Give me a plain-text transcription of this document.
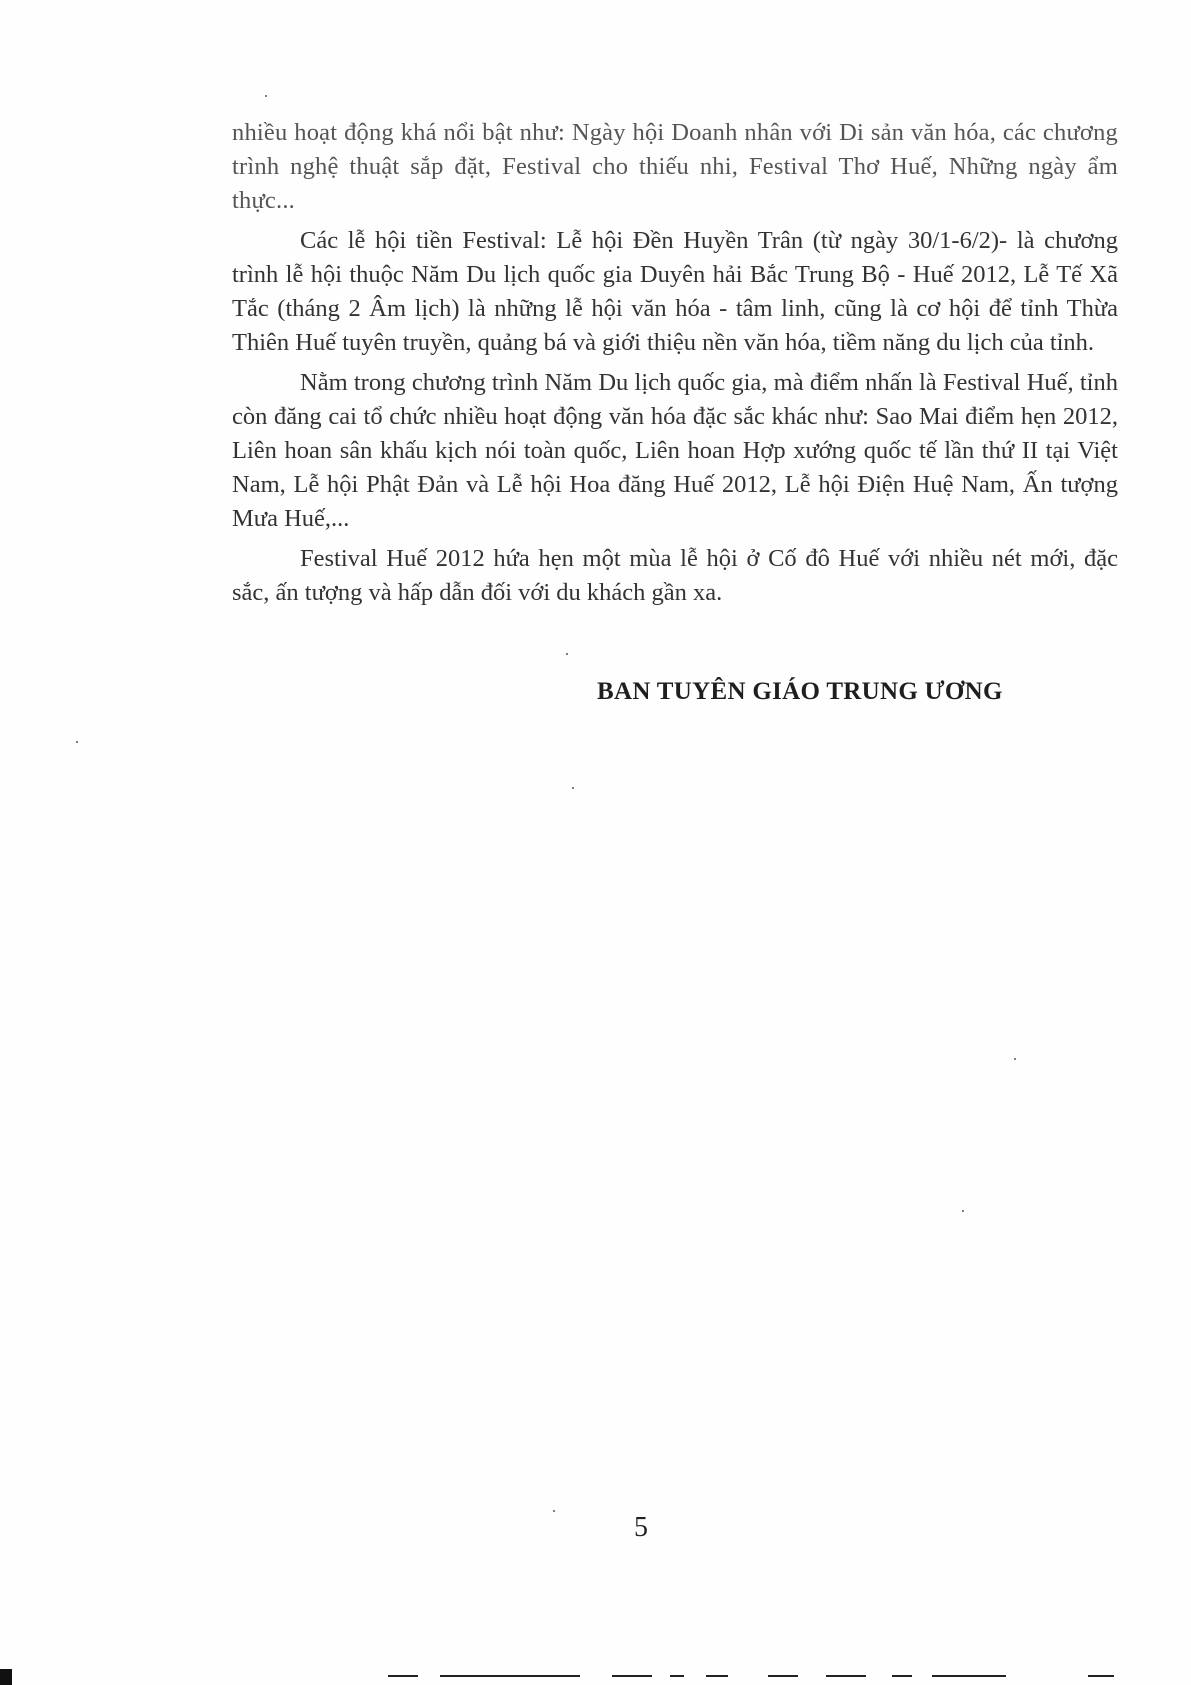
nhiều hoạt động khá nổi bật như: Ngày hội Doanh nhân với Di sản văn hóa, các chương trình nghệ thuật sắp đặt, Festival cho thiếu nhi, Festival Thơ Huế, Những ngày ẩm thực...

Các lễ hội tiền Festival: Lễ hội Đền Huyền Trân (từ ngày 30/1-6/2)- là chương trình lễ hội thuộc Năm Du lịch quốc gia Duyên hải Bắc Trung Bộ - Huế 2012, Lễ Tế Xã Tắc (tháng 2 Âm lịch) là những lễ hội văn hóa - tâm linh, cũng là cơ hội để tỉnh Thừa Thiên Huế tuyên truyền, quảng bá và giới thiệu nền văn hóa, tiềm năng du lịch của tỉnh.

Nằm trong chương trình Năm Du lịch quốc gia, mà điểm nhấn là Festival Huế, tỉnh còn đăng cai tổ chức nhiều hoạt động văn hóa đặc sắc khác như: Sao Mai điểm hẹn 2012, Liên hoan sân khấu kịch nói toàn quốc, Liên hoan Hợp xướng quốc tế lần thứ II tại Việt Nam, Lễ hội Phật Đản và Lễ hội Hoa đăng Huế 2012, Lễ hội Điện Huệ Nam, Ấn tượng Mưa Huế,...

Festival Huế 2012 hứa hẹn một mùa lễ hội ở Cố đô Huế với nhiều nét mới, đặc sắc, ấn tượng và hấp dẫn đối với du khách gần xa.

BAN TUYÊN GIÁO TRUNG ƯƠNG
5
